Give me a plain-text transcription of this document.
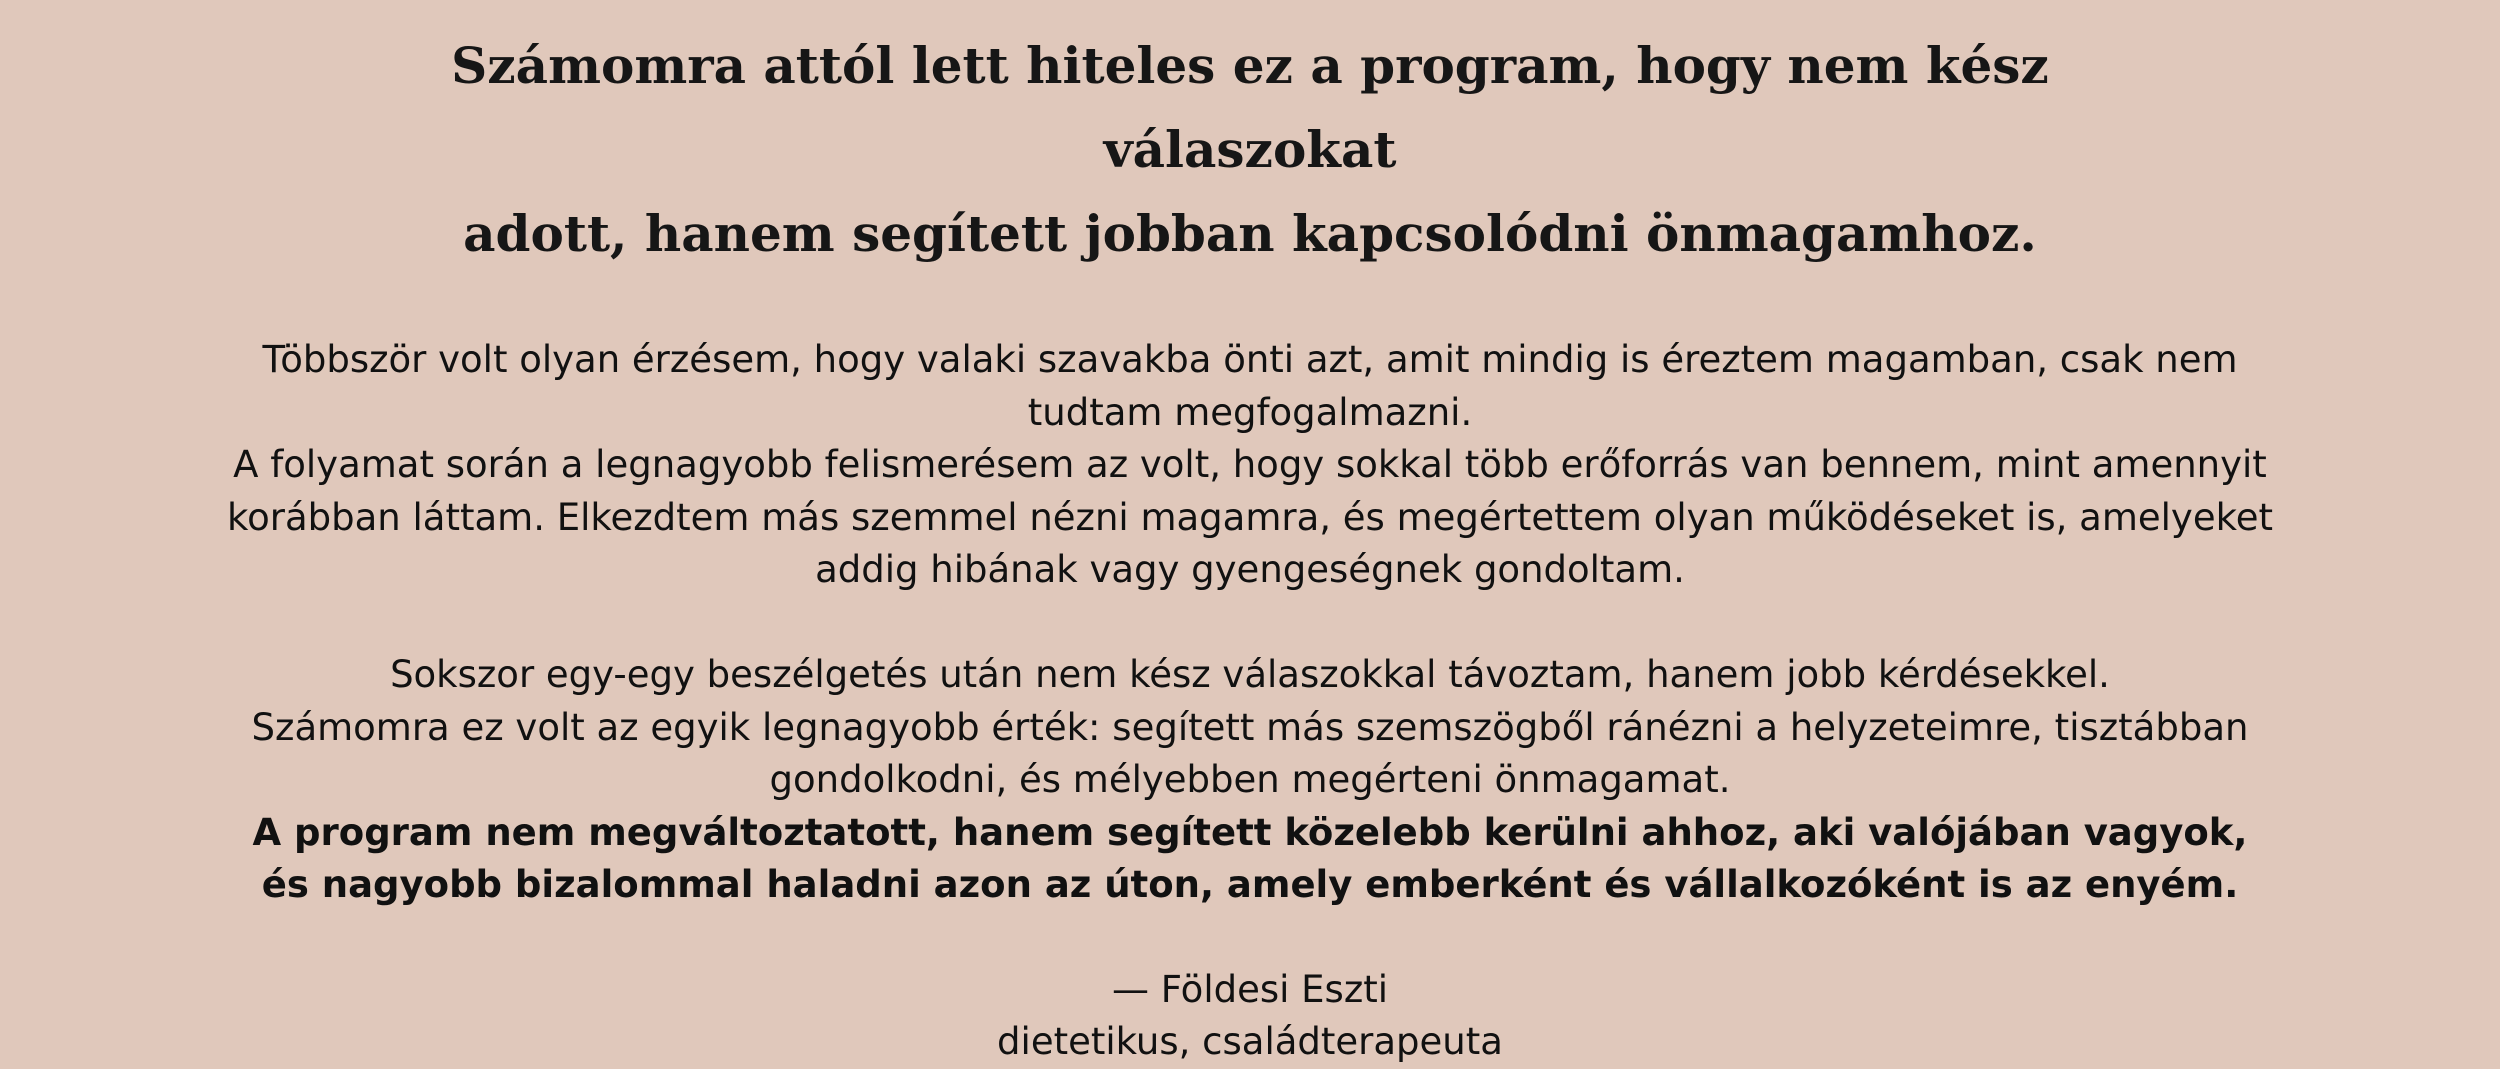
Számomra attól lett hiteles ez a program, hogy nem kész válaszokat
adott, hanem segített jobban kapcsolódni önmagamhoz.

Többször volt olyan érzésem, hogy valaki szavakba önti azt, amit mindig is éreztem magamban, csak nem tudtam megfogalmazni.

A folyamat során a legnagyobb felismerésem az volt, hogy sokkal több erőforrás van bennem, mint amennyit korábban láttam. Elkezdtem más szemmel nézni magamra, és megértettem olyan működéseket is, amelyeket addig hibának vagy gyengeségnek gondoltam.

Sokszor egy-egy beszélgetés után nem kész válaszokkal távoztam, hanem jobb kérdésekkel.

Számomra ez volt az egyik legnagyobb érték: segített más szemszögből ránézni a helyzeteimre, tisztábban gondolkodni, és mélyebben megérteni önmagamat.

A program nem megváltoztatott, hanem segített közelebb kerülni ahhoz, aki valójában vagyok, és nagyobb bizalommal haladni azon az úton, amely emberként és vállalkozóként is az enyém.

— Földesi Eszti
dietetikus, családterapeuta
